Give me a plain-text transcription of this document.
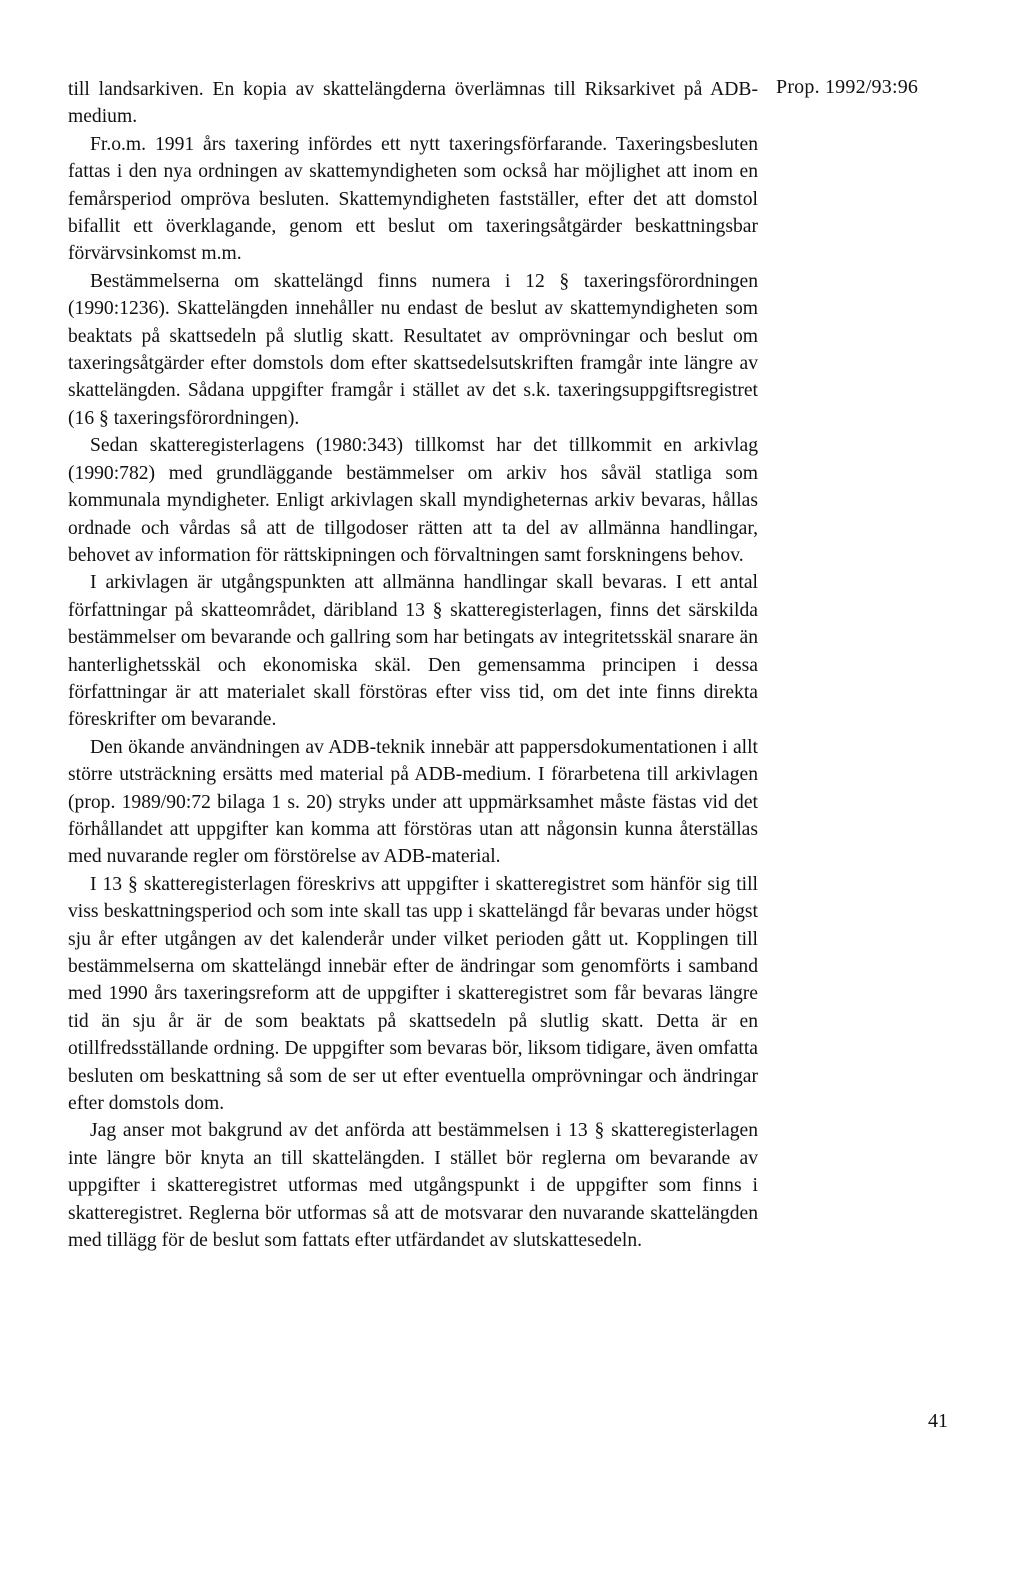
Prop. 1992/93:96

till landsarkiven. En kopia av skattelängderna överlämnas till Riksarkivet på ADB-medium.

Fr.o.m. 1991 års taxering infördes ett nytt taxeringsförfarande. Taxeringsbesluten fattas i den nya ordningen av skattemyndigheten som också har möjlighet att inom en femårsperiod ompröva besluten. Skattemyndigheten fastställer, efter det att domstol bifallit ett överklagande, genom ett beslut om taxeringsåtgärder beskattningsbar förvärvsinkomst m.m.

Bestämmelserna om skattelängd finns numera i 12 § taxeringsförordningen (1990:1236). Skattelängden innehåller nu endast de beslut av skattemyndigheten som beaktats på skattsedeln på slutlig skatt. Resultatet av omprövningar och beslut om taxeringsåtgärder efter domstols dom efter skattsedelsutskriften framgår inte längre av skattelängden. Sådana uppgifter framgår i stället av det s.k. taxeringsuppgiftsregistret (16 § taxeringsförordningen).

Sedan skatteregisterlagens (1980:343) tillkomst har det tillkommit en arkivlag (1990:782) med grundläggande bestämmelser om arkiv hos såväl statliga som kommunala myndigheter. Enligt arkivlagen skall myndigheternas arkiv bevaras, hållas ordnade och vårdas så att de tillgodoser rätten att ta del av allmänna handlingar, behovet av information för rättskipningen och förvaltningen samt forskningens behov.

I arkivlagen är utgångspunkten att allmänna handlingar skall bevaras. I ett antal författningar på skatteområdet, däribland 13 § skatteregisterlagen, finns det särskilda bestämmelser om bevarande och gallring som har betingats av integritetsskäl snarare än hanterlighetsskäl och ekonomiska skäl. Den gemensamma principen i dessa författningar är att materialet skall förstöras efter viss tid, om det inte finns direkta föreskrifter om bevarande.

Den ökande användningen av ADB-teknik innebär att pappersdokumentationen i allt större utsträckning ersätts med material på ADB-medium. I förarbetena till arkivlagen (prop. 1989/90:72 bilaga 1 s. 20) stryks under att uppmärksamhet måste fästas vid det förhållandet att uppgifter kan komma att förstöras utan att någonsin kunna återställas med nuvarande regler om förstörelse av ADB-material.

I 13 § skatteregisterlagen föreskrivs att uppgifter i skatteregistret som hänför sig till viss beskattningsperiod och som inte skall tas upp i skattelängd får bevaras under högst sju år efter utgången av det kalenderår under vilket perioden gått ut. Kopplingen till bestämmelserna om skattelängd innebär efter de ändringar som genomförts i samband med 1990 års taxeringsreform att de uppgifter i skatteregistret som får bevaras längre tid än sju år är de som beaktats på skattsedeln på slutlig skatt. Detta är en otillfredsställande ordning. De uppgifter som bevaras bör, liksom tidigare, även omfatta besluten om beskattning så som de ser ut efter eventuella omprövningar och ändringar efter domstols dom.

Jag anser mot bakgrund av det anförda att bestämmelsen i 13 § skatteregisterlagen inte längre bör knyta an till skattelängden. I stället bör reglerna om bevarande av uppgifter i skatteregistret utformas med utgångspunkt i de uppgifter som finns i skatteregistret. Reglerna bör utformas så att de motsvarar den nuvarande skattelängden med tillägg för de beslut som fattats efter utfärdandet av slutskattesedeln.

41
